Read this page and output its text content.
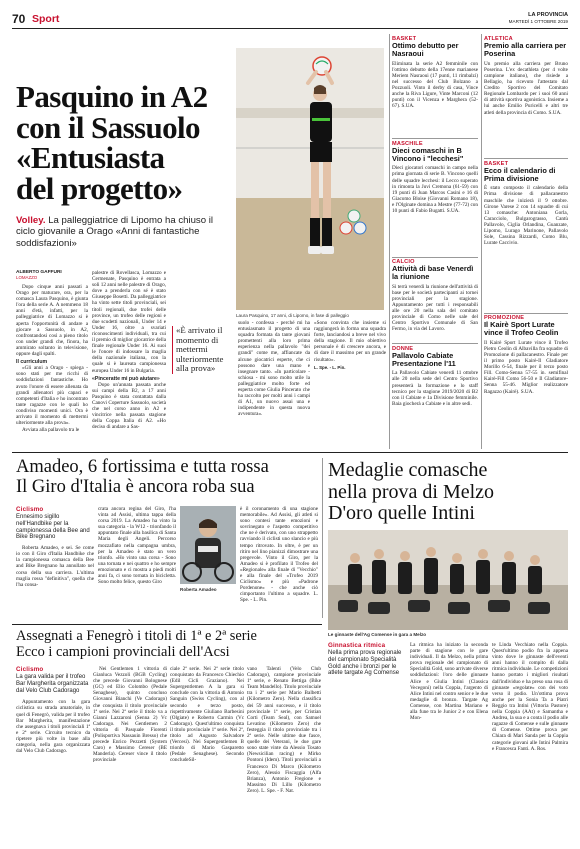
70 Sport	LA PROVINCIA
MARTEDÌ 1 OTTOBRE 2019
Pasquino in A2
con il Sassuolo
«Entusiasta
del progetto»
Volley. La palleggiatrice di Lipomo ha chiuso il ciclo giovanile a Orago «Anni di fantastiche soddisfazioni»
Laura Pasquino, 17 anni, di Lipomo, in fase di palleggio
ALBERTO GAFFURI
LOMAZZO

Dopo cinque anni passati a Orago per maturare, ora, per la comasca Laura Pasquino, è giunta l'ora della serie A. A nemmeno 18 anni d'età, infatti, per la palleggiatrice di Lomazzo si è aperta l'opportunità di andare a giocare a Sassuolo, in A2, confrontandosi così a pieno titolo con under grandi che, finora, ha ammirato soltanto in televisione, oppure dagli spalti.

Il curriculum

«Gli anni a Orago - spiega - sono stati per me ricchi di soddisfazioni fantastiche. Ho avuto l'onore di essere allenata da grandi allenatori più capaci e competenti d'Italia e ho incontrato tante ragazze con le quali ho condiviso momenti unici. Ora è arrivato il momento di mettermi ulteriormente alla prova».

Avviata alla pallavolo tra le

palestre di Rovellasca, Lomazzo e Cermenate, Pasquino è entrata a soli 12 anni nelle palestre di Orago, dove a prenderla con sé è stato Giuseppe Bosetti. Da palleggiatrice ha vinto sette titoli provinciali, sei titoli regionali, due trofei delle province, un trofeo delle regioni e due scudetti nazionali, Under 14 e Under 16, oltre a svariati riconoscimenti individuali, tra cui il premio di miglior giocatrice della finale regionale Under 16. Ai suoi le l'onore di indossare la maglia della nazionale italiana, con la quale si è laureata campionessa europea Under 16 in Bulgaria.

«Pinceratte mi può aiutare»

Dopo un'annata passata anche sui campi della B2, a 17 anni Pasquino è stata contattata dalla Canovi Coperture Sassuolo, società che nel corso anno in A2 e vincitrice nella passata stagione della Coppa Italia di A2. «Ho deciso di andare a Sas-

«È arrivato il momento di mettermi ulteriormente alla prova»

suolo - confessa - perché mi ha entusiasmato il progetto di una squadra formata da tante giovani promettenti alla loro prima esperienza nella pallavolo "dei grandi" come me, affiancate da alcune giocatrici esperte, che ci possono dare una mano e insegnare tanto. «In particolare - schiosa - mi sono molto utile la palleggiatrice molto forte ed esperta come Giulia Pincerato che ha raccolto per molti anni i campi di A1, un nuovo assai una e indipendente in questa nuova avventura».

«Sono convinta che insieme si raggiungerà in forma una squadra forte, lanciandosi a breve nel vivo della stagione. Il mio obiettivo personale è di crescere ancora, e di dare il massimo per un grande risultato».

L. Spe. - L. Pin.
BASKET
Ottimo debutto per Nasraoui
Eliminata la serie A2 femminile con l'ottimo debutto della 17enne marianese Meriem Nasraoui (17 punti, 11 rimbalzi) nel successo del Club Bolzano a Pozzuoli. Vinto il derby di casa, Vince anche la Riva Ligure, Vinte Marconi (12 punti) con il Vicenza e Marghera (52-67). S.UA.
MASCHILE
Dieci comaschi in B Vincono i "lecchesi"
Dieci giocatori comaschi in campo nella prima giornata di serie B. Vincono quelli delle squadre lecchesi: il Lecco superato in rimonta la Juvi Cremona (61-59) con 19 punti di Juan Marcos Casini e 16 di Giacomo Bloise (Giovanni Romano 18), e l'Olginate domina a Mestre (77-72) con 10 punti di Fabio Bugatti. S.UA.
CALCIO
Attività di base Venerdì la riunione
Si terrà venerdì la riunione dell'attività di base per le società partecipanti ai tornei provinciali per la stagione. Appuntamento per tutti i responsabili alle ore 20 nella sala del comitato provinciale di Como nelle sale del Centro Sportivo Comunale di San Fermo, in via del Lavoro.
DONNE
Pallavolo Cabiate Presentazione l'11
La Pallavolo Cabiate venerdì 11 ottobre alle 20 nella sede del Centro Sportivo presenterà la formazione e lo staff tecnico per la stagione 2019/2020 di B2 con il Cabiate e 1a Divisione femminile. Baia giocherà a Cabiate e in altre sedi.
ATLETICA
Premio alla carriera per Poserina
Un premio alla carriera per Bruno Poserina. L'ex decathleta (per 4 volte campione italiano), che risiede a Bellagio, ha ricevuto l'attestato dal Credito Sportivo del Comitato Regionale Lombardo per i suoi 60 anni di attività sportiva agonistica. Insieme a lui anche Emilio Puricelli e altri tre atleti della provincia di Como. S.UA.
BASKET
Ecco il calendario di Prima divisione
È stato composto il calendario della Prima divisione di pallacanestro maschile che inizierà il 9 ottobre. Girone Varese 2 con 14 squadre di cui 13 comasche: Antoniana Gorla, Caracciolo, Bulgarograsso, Cantù Pallavolo, Ciglia Orlandina, Guanzate, Lipomo, Lurago Marinone, Pallavolo Sole, Cassina Rizzardi, Como Blu, Lurate Caccivio.
PROMOZIONE
Il Kairè Sport Lurate vince il Trofeo Ceolin
Il Kairè Sport Lurate vince il Trofeo Pietro Ceolin di Albavilla fra squadre di Promozione di pallacanestro. Finale per il primo posto Kairè-Il Gladiatore Morillo 6-54, finale per il terzo posto Fill. Como-Senna 57-55 in. semifinal Kairè-Fill Como 56-50 e Il Gladiatore-Senna 55-46. Miglior realizzatore Ragazzo (Kairè). S.UA.
Amadeo, 6 fortissima e tutta rossa
Il Giro d'Italia è ancora roba sua
Ciclismo
Ennesimo sigillo nell'Handbike per la campionessa della Bee and Bike Bregnano

Roberta Amadeo, e sei. Se come io con il Giro d'Italia Handbike che la campionessa comasca della Bee and Bike Bregnano ha annullato nel corso della sua carriera. L'ultima maglia rossa "definitiva", quella che l'ha consa-

crata ancora regina del Giro, l'ha vinta ad Assisi, ultima tappa della corsa 2019. La Amadeo ha vinto la sua categoria - la W12 - trionfando il appuntato finale alla basilica di Santa Maria degli Angeli. Percorso mozzafiato nella campagna umbra, per la Amadeo è stato un vero trionfo. «Ho vinto una corsa - Sono una tornata e nei quattro e ho sempre emozionato e ci mostra a piedi molti anni fa, ci sono tornata in bicicletta. Sono molto felice, questo Giro

Roberta Amadeo

è il coronamento di una stagione memorabile». Ad Assisi, gli atleti si sono contesi tante emozioni e sovrinegato e l'aspetto competitivo che ne è derivato, con uno strappetto ravviando il ciclisti uno slancio e più tempo ritrovato. In oltre, è per un ritiro nel lino pianizzi dimostrare una pregevole. Vinto il Giro, per la Amadeo si è profilato il Trofeo del «Regionale» alla finale di "Vecchio" e alla finale del «Trofeo 2019 Ciclismo» e più «Padrone Pordenone» - che anche ciò cimportanto l'ultimo a squadre. L. Spe. - L. Pin.

Medaglie comasche
nella prova di Melzo
D'oro quelle Intini
Le ginnaste dell'Ag Comense in gara a Melzo
Ginnastica ritmica
Nella prima prova regionale del campionato Specialità Gold anche i bronzi per le atlete targate Ag Comense

La ritmica ha iniziato la seconda parte di stagione con le gare individuali. Il da Melzo, nella prima prova regionale del campionato di Specialità Gold, sono arrivate diverse soddisfazioni: l'oro delle ginnaste Alice e Giulia Intini (Classica Vecegoni) nella Coppia, l'argento di Alice Intini nel contro senior e le due medaglie di bronzo. Targate Ag Comense, con Martina Mariano e alla fune tra le Junior 2 e con Elena Mon-

te Linda Vecchiato nella Coppia. Quest'ultimo podio fra la appena vinto dove le ginnaste dell'eventi anni hanno il compito di dalla ritmica individuale. Le competizioni hanno portato i migliori risultati dall'individuo e ha preso una rosa di ginnaste «regolate» con dei voto verso il podio. Un'ottima prova anche per la Sonia Ta a Piatri Reggio tra Intini (Vittoria Pastore) nella Coppia (AAt) e Samantha e Andrea, la sua e a conta il podio alle ragazze di Comense e sulle ginnaste di Comense. Ottime prova per Chiara di Mari Sanda per la Coppia categorie giovani alle Intini Palmira e Francesca Fanti. A. Ros.

Assegnati a Fenegrò i titoli di 1ª e 2ª serie
Ecco i campioni provinciali dell'Acsi
Ciclismo
La gara valida per il trofeo Bar Margherita organizzata dal Velo Club Cadorago

Appuntamento con la gara ciclistica su strada amatoriale, in quel di Fenegrò, valida per il trofeo Bar Margherita, manifestazione che assegnava i titoli provinciali 1ª e 2ª serie. Circuito tecnico da ripetere più volte in base alla categoria, nella gara organizzata dal Velo Club Cadorago.

Nei Gentlemen 1 vittoria di Gianluca Vezzoli (BGB Cycling) che precede Giovanni Bolognese (GC) ed Elio Colombo (Pedale Senaghese), quinto concluso Giovanni Bianchi (Ve Cadorago) che conquista il titolo provinciale 1ª serie. Nei 2ª serie il titolo va a Gianni Lazzaroni (Senna 2) Vc Cadorago. Nei Gentlemen 2 vittoria di Pasquale Fiorenti (Polisportiva Nassauin Bresso) che precede Enrico Pezzetti (System Caro) e Massimo Cereser (BE Manderla). Cereser vince il titolo provinciale

ciale 2ª serie. Nei 2ª serie titolo conquistato da Francesco Chiechio (Edil Cicli Graziano). Nei Supergentlemen A la gara si conclude con la vittoria di Antonio Sanguin (Swiss Cycling), con al secondo e terzo posto, rispettivamente Giuliano Barbesini (Olgiate) e Roberto Carmin (Vc Cadorago). Quest'ultimo conquista il titolo provinciale 1ª serie. Nei 2ª, titolo ad Augusto Salvadore (Vercesi). Nei Supergentlemen B trionfo di Mario Gasparetto (Pedale Senaghese). Secondo concludeSil-

vano Talenti (Velo Club Cadorago), campione provinciale 1ª serie, e Renato Bettiga (Bike Team Mandello). Titolo provinciale tra i 2ª serie per Mario Balbetti (Kilometro Zero). Nella classifica dei 59 anni successo, e il titolo provinciale 1ª serie, per Cristian Corti (Team Seal), con Samuel Levatino (Kilometro Zero) che festeggia il titolo provinciale tra i 2ª serie. Nelle ultime due fasce, quelle dei Veterani, le due gare sono state vinte da Alessio Tosato (Newsicilian racing) e Mirko Pontoni (Idem). Titoli provinciali a Francesco Di Marco (Kilometro Zero), Alessio Fiscaggia (Alfa Brianza), Antonio Fregione e Massimo Di Lillo (Kilometro Zero). L. Spe. - F. Nat.
